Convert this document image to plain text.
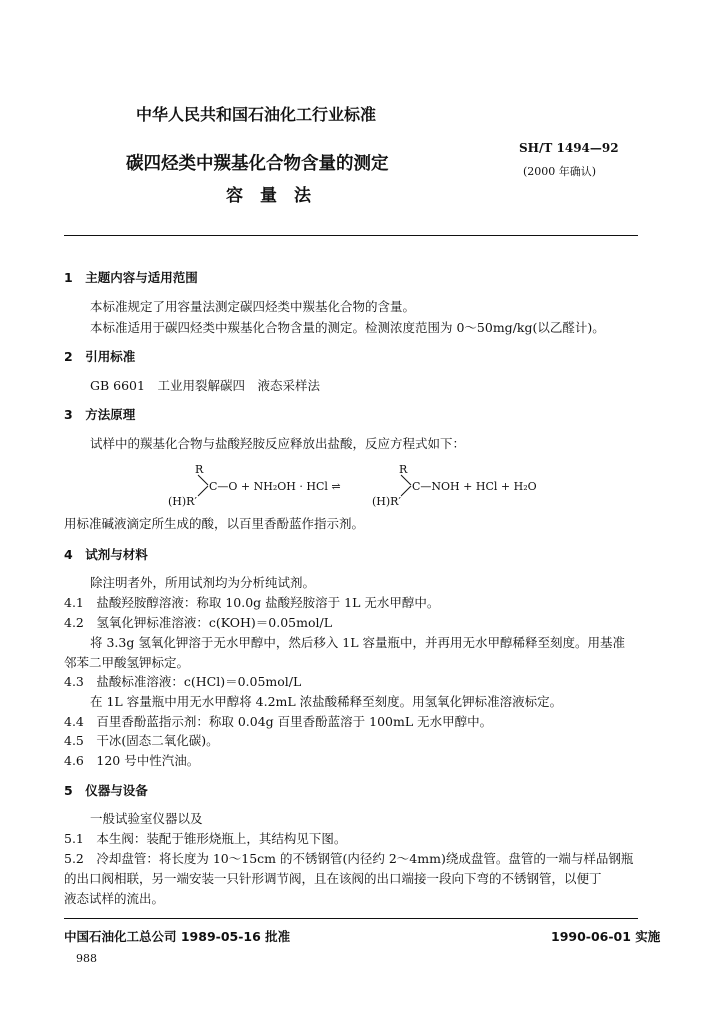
中华人民共和国石油化工行业标准
碳四烃类中羰基化合物含量的测定
容　量　法
SH/T 1494—92
(2000 年确认)
1　主题内容与适用范围
本标准规定了用容量法测定碳四烃类中羰基化合物的含量。
本标准适用于碳四烃类中羰基化合物含量的测定。检测浓度范围为 0～50mg/kg(以乙醛计)。
2　引用标准
GB 6601　工业用裂解碳四　液态采样法
3　方法原理
试样中的羰基化合物与盐酸羟胺反应释放出盐酸，反应方程式如下：
R
C—O + NH₂OH · HCl ⇌
(H)R′
R
C—NOH + HCl + H₂O
(H)R′
用标准碱液滴定所生成的酸，以百里香酚蓝作指示剂。
4　试剂与材料
除注明者外，所用试剂均为分析纯试剂。
4.1　盐酸羟胺醇溶液：称取 10.0g 盐酸羟胺溶于 1L 无水甲醇中。
4.2　氢氧化钾标准溶液：c(KOH)＝0.05mol/L
将 3.3g 氢氧化钾溶于无水甲醇中，然后移入 1L 容量瓶中，并再用无水甲醇稀释至刻度。用基准
邻苯二甲酸氢钾标定。
4.3　盐酸标准溶液：c(HCl)＝0.05mol/L
在 1L 容量瓶中用无水甲醇将 4.2mL 浓盐酸稀释至刻度。用氢氧化钾标准溶液标定。
4.4　百里香酚蓝指示剂：称取 0.04g 百里香酚蓝溶于 100mL 无水甲醇中。
4.5　干冰(固态二氧化碳)。
4.6　120 号中性汽油。
5　仪器与设备
一般试验室仪器以及
5.1　本生阀：装配于锥形烧瓶上，其结构见下图。
5.2　冷却盘管：将长度为 10～15cm 的不锈钢管(内径约 2～4mm)绕成盘管。盘管的一端与样品钢瓶
的出口阀相联，另一端安装一只针形调节阀，且在该阀的出口端接一段向下弯的不锈钢管，以便丁
液态试样的流出。
中国石油化工总公司 1989-05-16 批准	1990-06-01 实施
988
